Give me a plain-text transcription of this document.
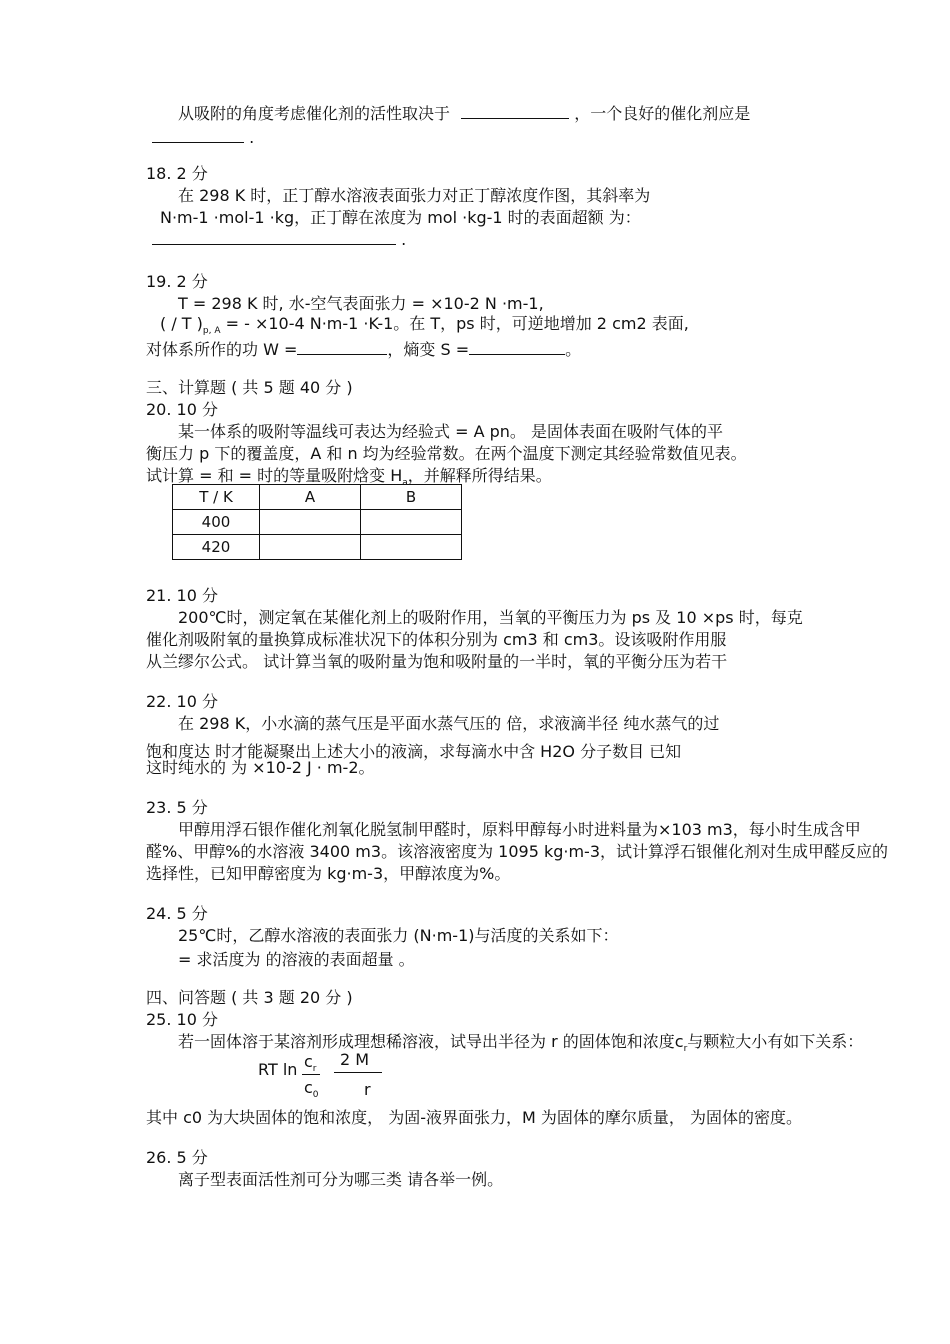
从吸附的角度考虑催化剂的活性取决于	，一个良好的催化剂应是
.
18. 2 分
在 298 K 时，正丁醇水溶液表面张力对正丁醇浓度作图，其斜率为
N·m-1 ·mol-1 ·kg，正丁醇在浓度为 mol ·kg-1 时的表面超额 为：
.
19. 2 分
T = 298 K 时, 水-空气表面张力 = ×10-2 N ·m-1,
( / T )$_{p, A}$ = - ×10-4 N·m-1 ·K-1。在 T，ps 时，可逆地增加 2 cm2 表面,
对体系所作的功 W =	，熵变 S =	。
三、计算题 ( 共 5 题 40 分 )
20. 10 分
某一体系的吸附等温线可表达为经验式 = A pn。 是固体表面在吸附气体的平
衡压力 p 下的覆盖度，A 和 n 均为经验常数。在两个温度下测定其经验常数值见表。
试计算 = 和 = 时的等量吸附焓变 $H_a$，并解释所得结果。
T / K	A	B
400		
420		
21. 10 分
200℃时，测定氧在某催化剂上的吸附作用，当氧的平衡压力为 ps 及 10 ×ps 时，每克
催化剂吸附氧的量换算成标准状况下的体积分别为 cm3 和 cm3。设该吸附作用服
从兰缪尔公式。 试计算当氧的吸附量为饱和吸附量的一半时，氧的平衡分压为若干
22. 10 分
在 298 K，小水滴的蒸气压是平面水蒸气压的 倍，求液滴半径 纯水蒸气的过
饱和度达 时才能凝聚出上述大小的液滴，求每滴水中含 H2O 分子数目 已知
这时纯水的 为 ×10-2 J · m-2。
23. 5 分
甲醇用浮石银作催化剂氧化脱氢制甲醛时，原料甲醇每小时进料量为×103 m3，每小时生成含甲
醛%、甲醇%的水溶液 3400 m3。该溶液密度为 1095 kg·m-3，试计算浮石银催化剂对生成甲醛反应的
选择性，已知甲醇密度为 kg·m-3，甲醇浓度为%。
24. 5 分
25℃时，乙醇水溶液的表面张力 (N·m-1)与活度的关系如下：
= 求活度为 的溶液的表面超量 。
四、问答题 ( 共 3 题 20 分 )
25. 10 分
若一固体溶于某溶剂形成理想稀溶液，试导出半径为 r 的固体饱和浓度$c_r$与颗粒大小有如下关系：
RT $\ln c_r$
$c_0$
2 M
r
其中 c0 为大块固体的饱和浓度， 为固-液界面张力，M 为固体的摩尔质量， 为固体的密度。
26. 5 分
离子型表面活性剂可分为哪三类 请各举一例。
